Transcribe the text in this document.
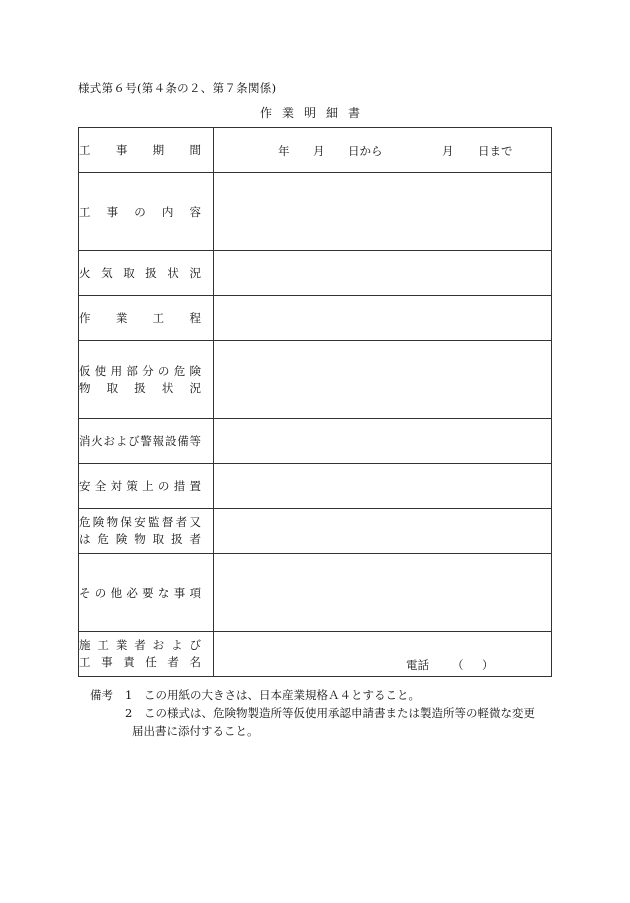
様式第６号(第４条の２、第７条関係)
作業明細書
工事期間	年 月 日から 月 日まで

工事の内容	

火気取扱状況	

作業工程	

仮使用部分の危険
物取扱状況	

消火および警報設備等	

安全対策上の措置	

危険物保安監督者又
は危険物取扱者	

その他必要な事項	

施工業者および
工事責任者名	電話 （ ）
備考 1 この用紙の大きさは、日本産業規格Ａ４とすること。
2 この様式は、危険物製造所等仮使用承認申請書または製造所等の軽微な変更
届出書に添付すること。
